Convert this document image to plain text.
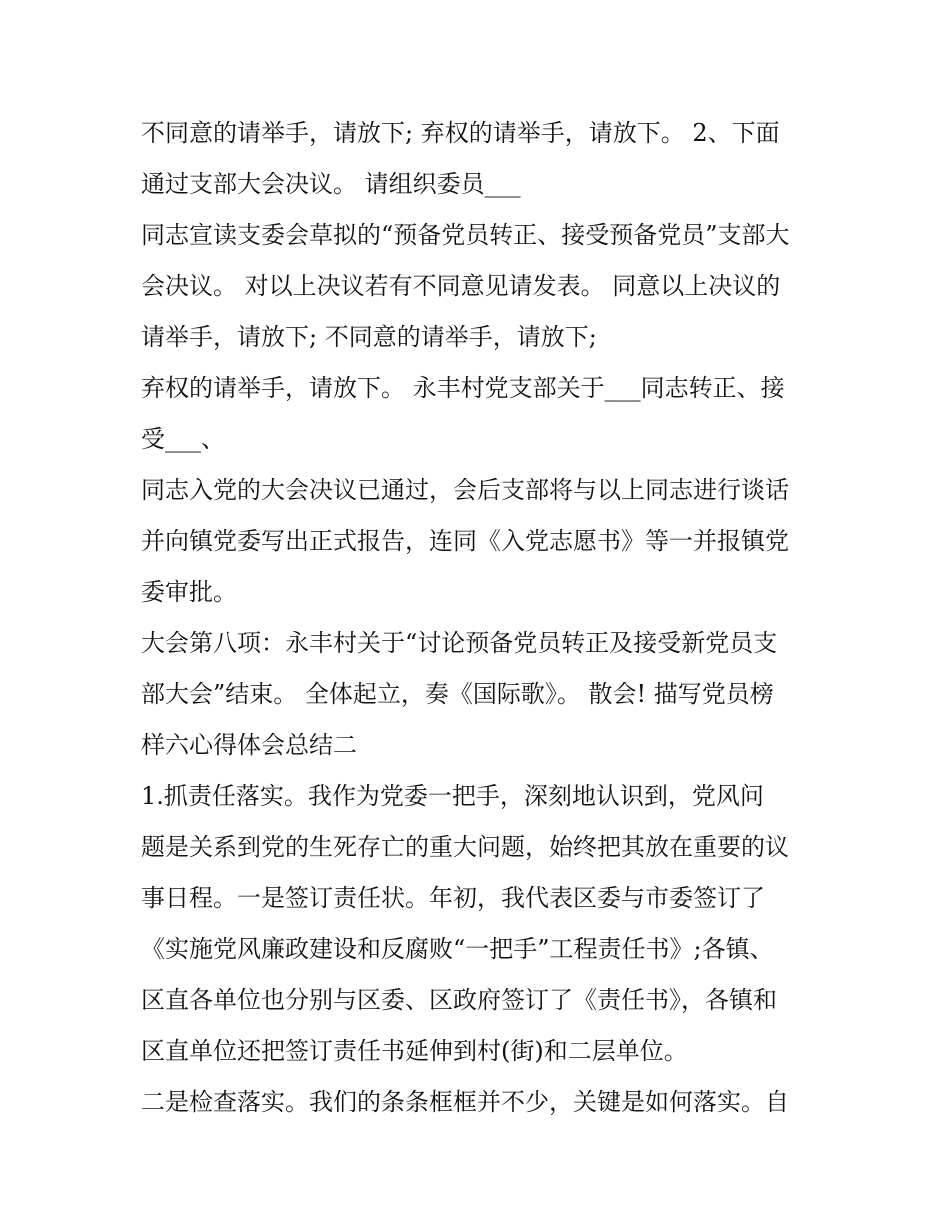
不同意的请举手，请放下; 弃权的请举手，请放下。 2、下面
通过支部大会决议。 请组织委员___
同志宣读支委会草拟的“预备党员转正、接受预备党员”支部大
会决议。 对以上决议若有不同意见请发表。 同意以上决议的
请举手，请放下; 不同意的请举手，请放下;
弃权的请举手，请放下。 永丰村党支部关于___同志转正、接
受___、
同志入党的大会决议已通过，会后支部将与以上同志进行谈话
并向镇党委写出正式报告，连同《入党志愿书》等一并报镇党
委审批。
大会第八项：永丰村关于“讨论预备党员转正及接受新党员支
部大会”结束。 全体起立，奏《国际歌》。 散会! 描写党员榜
样六心得体会总结二
1.抓责任落实。我作为党委一把手，深刻地认识到，党风问
题是关系到党的生死存亡的重大问题，始终把其放在重要的议
事日程。一是签订责任状。年初，我代表区委与市委签订了
《实施党风廉政建设和反腐败“一把手”工程责任书》;各镇、
区直各单位也分别与区委、区政府签订了《责任书》，各镇和
区直单位还把签订责任书延伸到村(街)和二层单位。
二是检查落实。我们的条条框框并不少，关键是如何落实。自
